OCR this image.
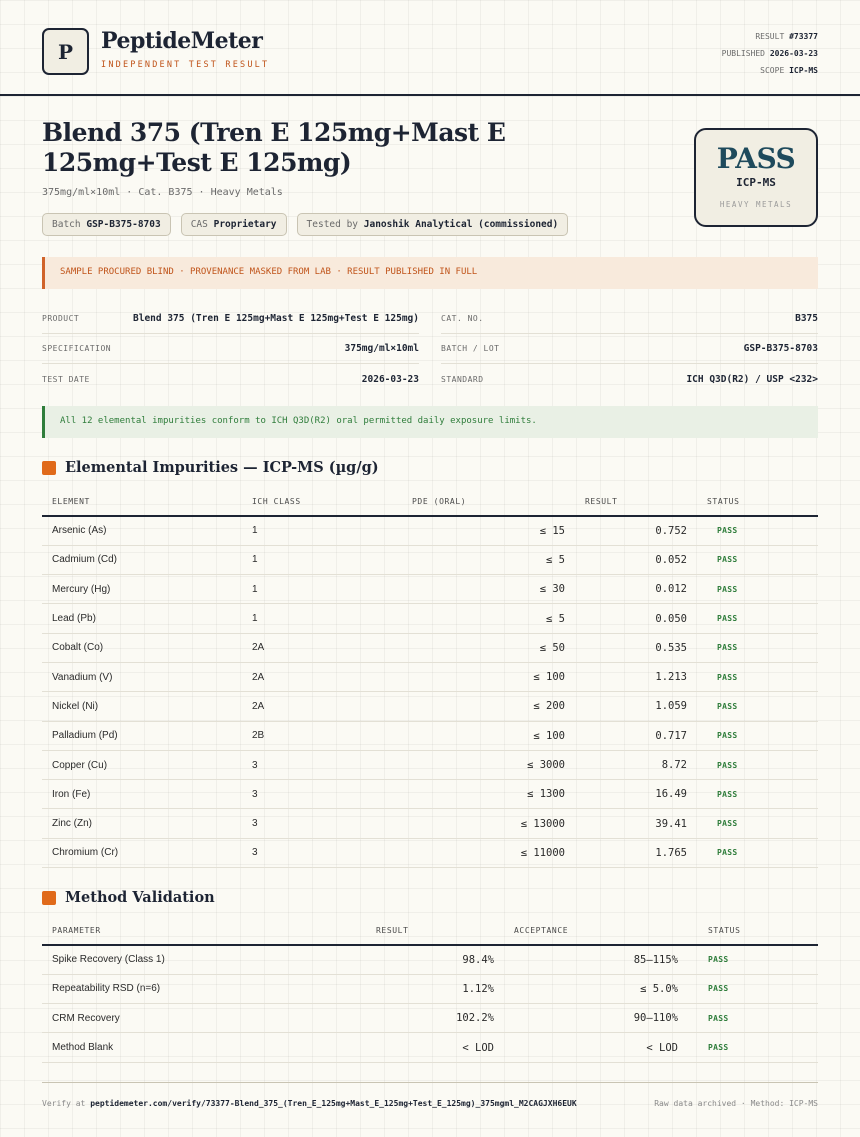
P	PeptideMeter
INDEPENDENT TEST RESULT
RESULT #73377
PUBLISHED 2026-03-23
SCOPE ICP-MS
Blend 375 (Tren E 125mg+Mast E 125mg+Test E 125mg)
375mg/ml×10ml · Cat. B375 · Heavy Metals
Batch GSP-B375-8703	CAS Proprietary	Tested by Janoshik Analytical (commissioned)
PASS
ICP-MS
HEAVY METALS
SAMPLE PROCURED BLIND · PROVENANCE MASKED FROM LAB · RESULT PUBLISHED IN FULL
PRODUCT	Blend 375 (Tren E 125mg+Mast E 125mg+Test E 125mg)
SPECIFICATION	375mg/ml×10ml
TEST DATE	2026-03-23
CAT. NO.	B375
BATCH / LOT	GSP-B375-8703
STANDARD	ICH Q3D(R2) / USP <232>
All 12 elemental impurities conform to ICH Q3D(R2) oral permitted daily exposure limits.
Elemental Impurities — ICP-MS (µg/g)
ELEMENT	ICH CLASS	PDE (ORAL)	RESULT	STATUS
Arsenic (As)	1	≤ 15	0.752	PASS
Cadmium (Cd)	1	≤ 5	0.052	PASS
Mercury (Hg)	1	≤ 30	0.012	PASS
Lead (Pb)	1	≤ 5	0.050	PASS
Cobalt (Co)	2A	≤ 50	0.535	PASS
Vanadium (V)	2A	≤ 100	1.213	PASS
Nickel (Ni)	2A	≤ 200	1.059	PASS
Palladium (Pd)	2B	≤ 100	0.717	PASS
Copper (Cu)	3	≤ 3000	8.72	PASS
Iron (Fe)	3	≤ 1300	16.49	PASS
Zinc (Zn)	3	≤ 13000	39.41	PASS
Chromium (Cr)	3	≤ 11000	1.765	PASS
Method Validation
PARAMETER	RESULT	ACCEPTANCE	STATUS
Spike Recovery (Class 1)	98.4%	85–115%	PASS
Repeatability RSD (n=6)	1.12%	≤ 5.0%	PASS
CRM Recovery	102.2%	90–110%	PASS
Method Blank	< LOD	< LOD	PASS
Verify at peptidemeter.com/verify/73377-Blend_375_(Tren_E_125mg+Mast_E_125mg+Test_E_125mg)_375mgml_M2CAGJXH6EUK	Raw data archived · Method: ICP-MS
